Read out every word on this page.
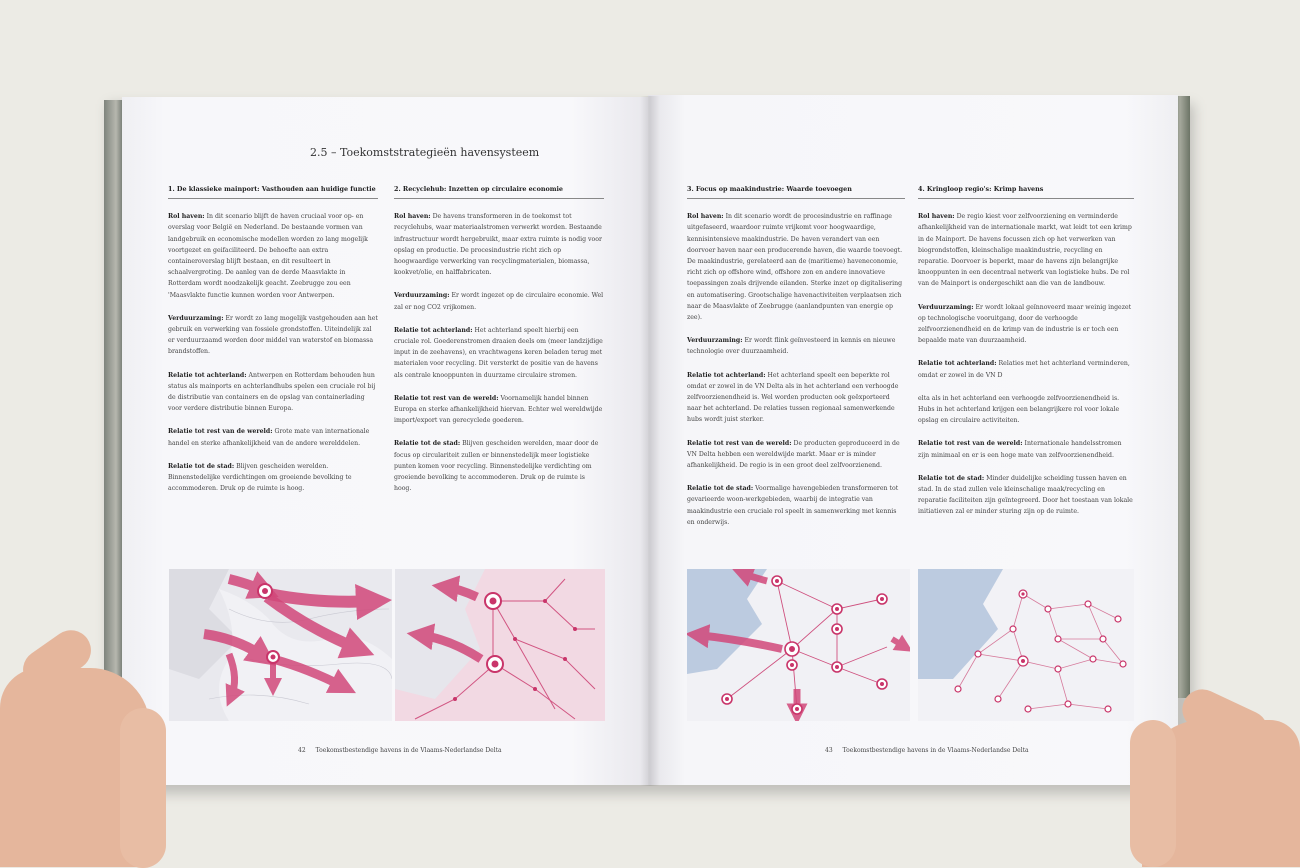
2.5 – Toekomststrategieën havensysteem
1. De klassieke mainport: Vasthouden aan huidige functie

Rol haven: In dit scenario blijft de haven cruciaal voor op- en overslag voor België en Nederland. De bestaande vormen van landgebruik en economische modellen worden zo lang mogelijk voortgezet en geifaciliteerd. De behoefte aan extra containeroverslag blijft bestaan, en dit resulteert in schaalvergroting. De aanleg van de derde Maasvlakte in Rotterdam wordt noodzakelijk geacht. Zeebrugge zou een 'Maasvlakte functie kunnen worden voor Antwerpen.

Verduurzaming: Er wordt zo lang mogelijk vastgehouden aan het gebruik en verwerking van fossiele grondstoffen. Uiteindelijk zal er verduurzaamd worden door middel van waterstof en biomassa brandstoffen.

Relatie tot achterland: Antwerpen en Rotterdam behouden hun status als mainports en achterlandhubs spelen een cruciale rol bij de distributie van containers en de opslag van containerlading voor verdere distributie binnen Europa.

Relatie tot rest van de wereld: Grote mate van internationale handel en sterke afhankelijkheid van de andere werelddelen.

Relatie tot de stad: Blijven gescheiden werelden. Binnenstedelijke verdichtingen om groeiende bevolking te accommoderen. Druk op de ruimte is hoog.

2. Recyclehub: Inzetten op circulaire economie

Rol haven: De havens transformeren in de toekomst tot recyclehubs, waar materiaalstromen verwerkt worden. Bestaande infrastructuur wordt hergebruikt, maar extra ruimte is nodig voor opslag en productie. De procesindustrie richt zich op hoogwaardige verwerking van recyclingmaterialen, biomassa, kookvet/olie, en halffabricaten.

Verduurzaming: Er wordt ingezet op de circulaire economie. Wel zal er nog CO2 vrijkomen.

Relatie tot achterland: Het achterland speelt hierbij een cruciale rol. Goederenstromen draaien deels om (meer landzijdige input in de zeehavens), en vrachtwagens keren beladen terug met materialen voor recycling. Dit versterkt de positie van de havens als centrale knooppunten in duurzame circulaire stromen.

Relatie tot rest van de wereld: Voornamelijk handel binnen Europa en sterke afhankelijkheid hiervan. Echter wel wereldwijde import/export van gerecyclede goederen.

Relatie tot de stad: Blijven gescheiden werelden, maar door de focus op circulariteit zullen er binnenstedelijk meer logistieke punten komen voor recycling. Binnenstedelijke verdichting om groeiende bevolking te accommoderen. Druk op de ruimte is hoog.

3. Focus op maakindustrie: Waarde toevoegen

Rol haven: In dit scenario wordt de procesindustrie en raffinage uitgefaseerd, waardoor ruimte vrijkomt voor hoogwaardige, kennisintensieve maakindustrie. De haven verandert van een doorvoer haven naar een producerende haven, die waarde toevoegt. De maakindustrie, gerelateerd aan de (maritieme) haveneconomie, richt zich op offshore wind, offshore zon en andere innovatieve toepassingen zoals drijvende eilanden. Sterke inzet op digitalisering en automatisering. Grootschalige havenactiviteiten verplaatsen zich naar de Maasvlakte of Zeebrugge (aanlandpunten van energie op zee).

Verduurzaming: Er wordt flink geïnvesteerd in kennis en nieuwe technologie over duurzaamheid.

Relatie tot achterland: Het achterland speelt een beperkte rol omdat er zowel in de VN Delta als in het achterland een verhoogde zelfvoorzienendheid is. Wel worden producten ook geëxporteerd naar het achterland. De relaties tussen regionaal samenwerkende hubs wordt juist sterker.

Relatie tot rest van de wereld: De producten geproduceerd in de VN Delta hebben een wereldwijde markt. Maar er is minder afhankelijkheid. De regio is in een groot deel zelfvoorzienend.

Relatie tot de stad: Voormalige havengebieden transformeren tot gevarieerde woon-werkgebieden, waarbij de integratie van maakindustrie een cruciale rol speelt in samenwerking met kennis en onderwijs.

4. Kringloop regio's: Krimp havens

Rol haven: De regio kiest voor zelfvoorziening en verminderde afhankelijkheid van de internationale markt, wat leidt tot een krimp in de Mainport. De havens focussen zich op het verwerken van biogrondstoffen, kleinschalige maakindustrie, recycling en reparatie. Doorvoer is beperkt, maar de havens zijn belangrijke knooppunten in een decentraal netwerk van logistieke hubs. De rol van de Mainport is ondergeschikt aan die van de landbouw.

Verduurzaming: Er wordt lokaal geïnnoveerd maar weinig ingezet op technologische vooruitgang, door de verhoogde zelfvoorzienendheid en de krimp van de industrie is er toch een bepaalde mate van duurzaamheid.

Relatie tot achterland: Relaties met het achterland verminderen, omdat er zowel in de VN D

elta als in het achterland een verhoogde zelfvoorzienendheid is. Hubs in het achterland krijgen een belangrijkere rol voor lokale opslag en circulaire activiteiten.

Relatie tot rest van de wereld: Internationale handelsstromen zijn minimaal en er is een hoge mate van zelfvoorzienendheid.

Relatie tot de stad: Minder duidelijke scheiding tussen haven en stad. In de stad zullen vele kleinschalige maak/recycling en reparatie faciliteiten zijn geïntegreerd. Door het toestaan van lokale initiatieven zal er minder sturing zijn op de ruimte.

42 Toekomstbestendige havens in de Vlaams-Nederlandse Delta	43 Toekomstbestendige havens in de Vlaams-Nederlandse Delta
